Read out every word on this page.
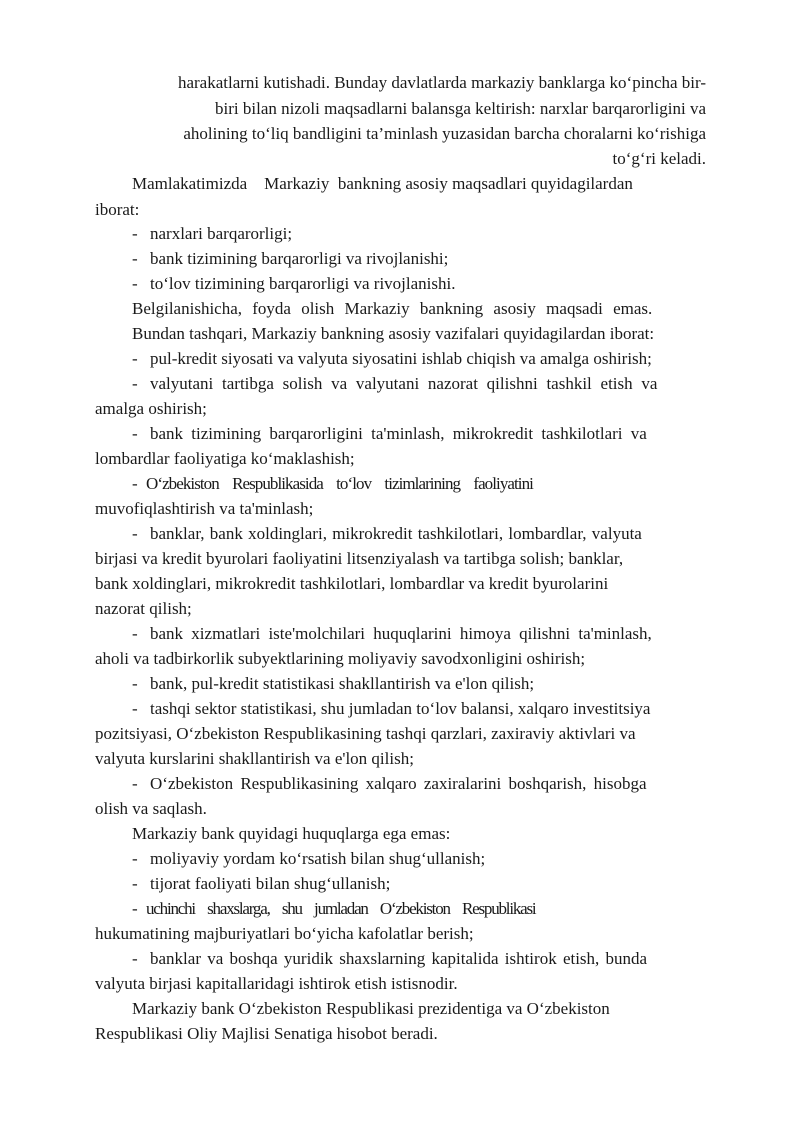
harakatlarni kutishadi. Bunday davlatlarda markaziy banklarga ko‘pincha bir-
biri bilan nizoli maqsadlarni balansga keltirish: narxlar barqarorligini va
aholining to‘liq bandligini ta’minlash yuzasidan barcha choralarni ko‘rishiga
to‘g‘ri keladi.
Mamlakatimizda    Markaziy  bankning asosiy maqsadlari quyidagilardan
iborat:
- narxlari barqarorligi;
- bank tizimining barqarorligi va rivojlanishi;
- to‘lov tizimining barqarorligi va rivojlanishi.
Belgilanishicha, foyda olish Markaziy bankning asosiy maqsadi emas.
Bundan tashqari, Markaziy bankning asosiy vazifalari quyidagilardan iborat:
- pul-kredit siyosati va valyuta siyosatini ishlab chiqish va amalga oshirish;
- valyutani tartibga solish va valyutani nazorat qilishni tashkil etish va
amalga oshirish;
- bank tizimining barqarorligini ta'minlash, mikrokredit tashkilotlari va
lombardlar faoliyatiga ko‘maklashish;
- O‘zbekiston    Respublikasida    to‘lov    tizimlarining    faoliyatini
muvofiqlashtirish va ta'minlash;
- banklar, bank xoldinglari, mikrokredit tashkilotlari, lombardlar, valyuta
birjasi va kredit byurolari faoliyatini litsenziyalash va tartibga solish; banklar,
bank xoldinglari, mikrokredit tashkilotlari, lombardlar va kredit byurolarini
nazorat qilish;
- bank xizmatlari iste'molchilari huquqlarini himoya qilishni ta'minlash,
aholi va tadbirkorlik subyektlarining moliyaviy savodxonligini oshirish;
- bank, pul-kredit statistikasi shakllantirish va e'lon qilish;
- tashqi sektor statistikasi, shu jumladan to‘lov balansi, xalqaro investitsiya
pozitsiyasi, O‘zbekiston Respublikasining tashqi qarzlari, zaxiraviy aktivlari va
valyuta kurslarini shakllantirish va e'lon qilish;
- O‘zbekiston Respublikasining xalqaro zaxiralarini boshqarish, hisobga
olish va saqlash.
Markaziy bank quyidagi huquqlarga ega emas:
- moliyaviy yordam ko‘rsatish bilan shug‘ullanish;
- tijorat faoliyati bilan shug‘ullanish;
- uchinchi    shaxslarga,    shu    jumladan    O‘zbekiston    Respublikasi
hukumatining majburiyatlari bo‘yicha kafolatlar berish;
- banklar va boshqa yuridik shaxslarning kapitalida ishtirok etish, bunda
valyuta birjasi kapitallaridagi ishtirok etish istisnodir.
Markaziy bank O‘zbekiston Respublikasi prezidentiga va O‘zbekiston
Respublikasi Oliy Majlisi Senatiga hisobot beradi.
